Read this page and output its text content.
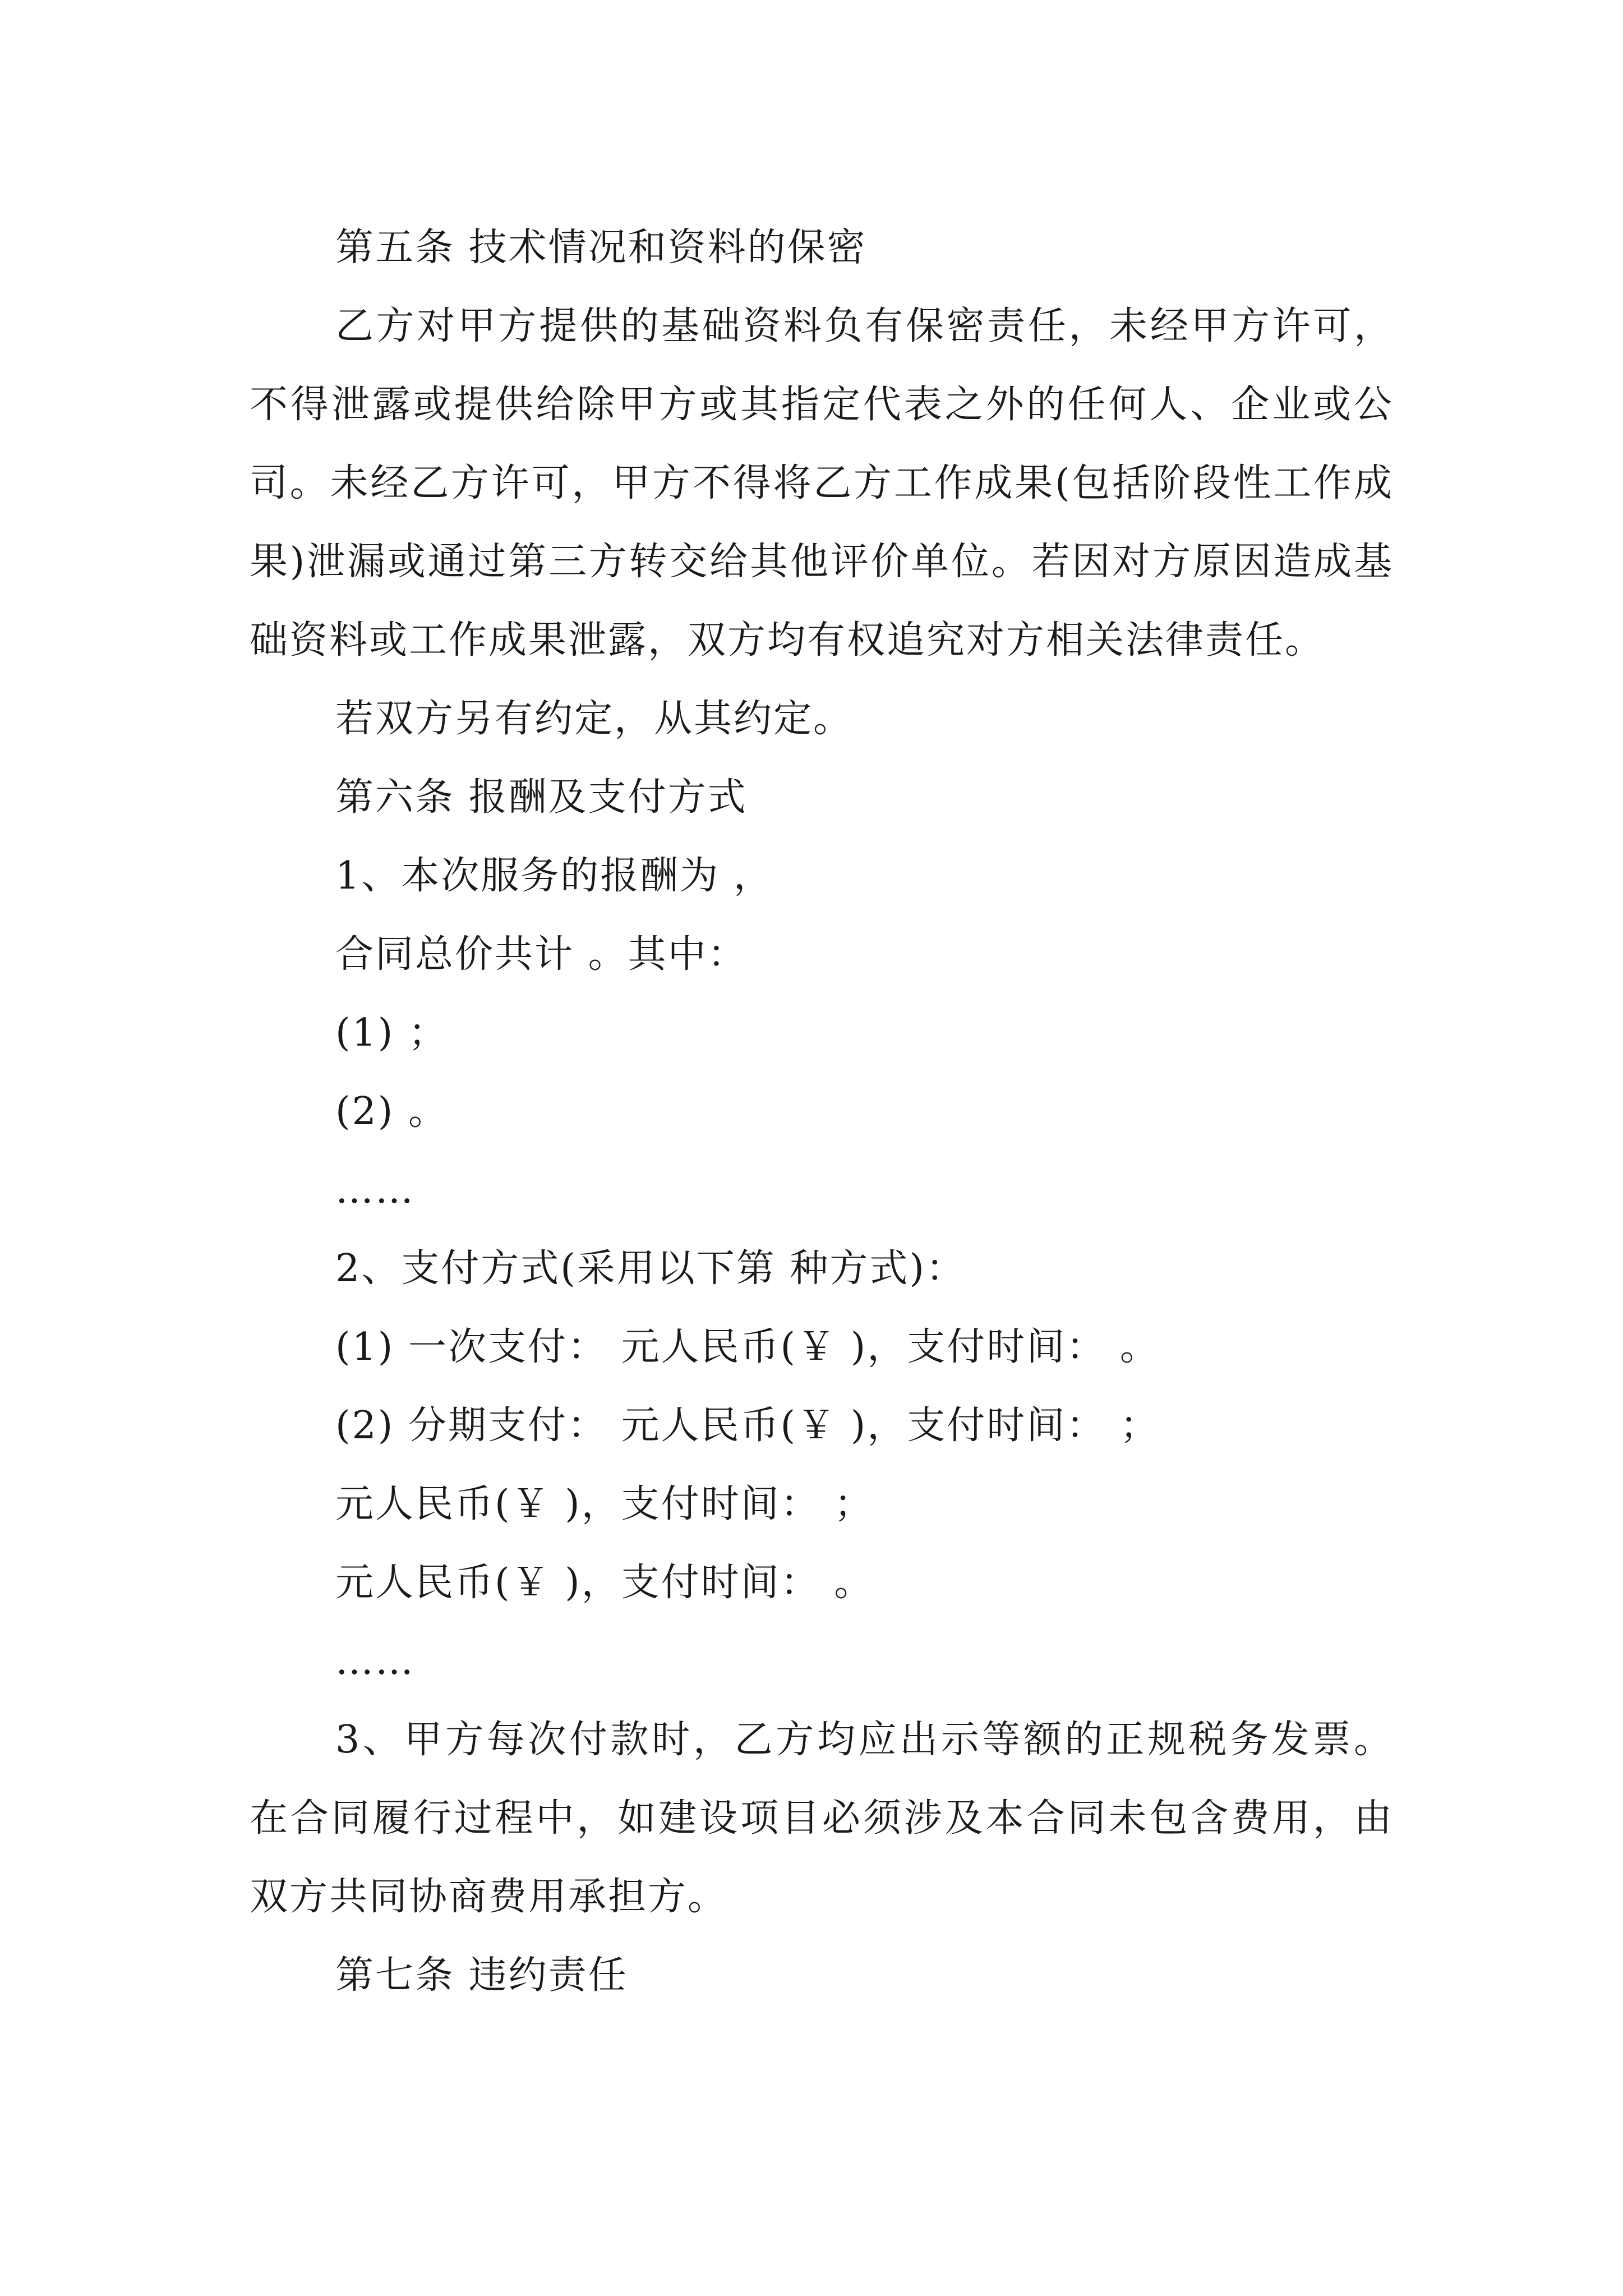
第五条 技术情况和资料的保密

乙方对甲方提供的基础资料负有保密责任，未经甲方许可，不得泄露或提供给除甲方或其指定代表之外的任何人、企业或公司。未经乙方许可，甲方不得将乙方工作成果(包括阶段性工作成果)泄漏或通过第三方转交给其他评价单位。若因对方原因造成基础资料或工作成果泄露，双方均有权追究对方相关法律责任。

若双方另有约定，从其约定。

第六条 报酬及支付方式

1、本次服务的报酬为 ，

合同总价共计 。其中：

(1) ；

(2) 。

……

2、支付方式(采用以下第 种方式)：

(1) 一次支付： 元人民币(￥ )，支付时间： 。

(2) 分期支付： 元人民币(￥ )，支付时间： ；

元人民币(￥ )，支付时间： ；

元人民币(￥ )，支付时间： 。

……

3、甲方每次付款时，乙方均应出示等额的正规税务发票。在合同履行过程中，如建设项目必须涉及本合同未包含费用，由双方共同协商费用承担方。

第七条 违约责任
